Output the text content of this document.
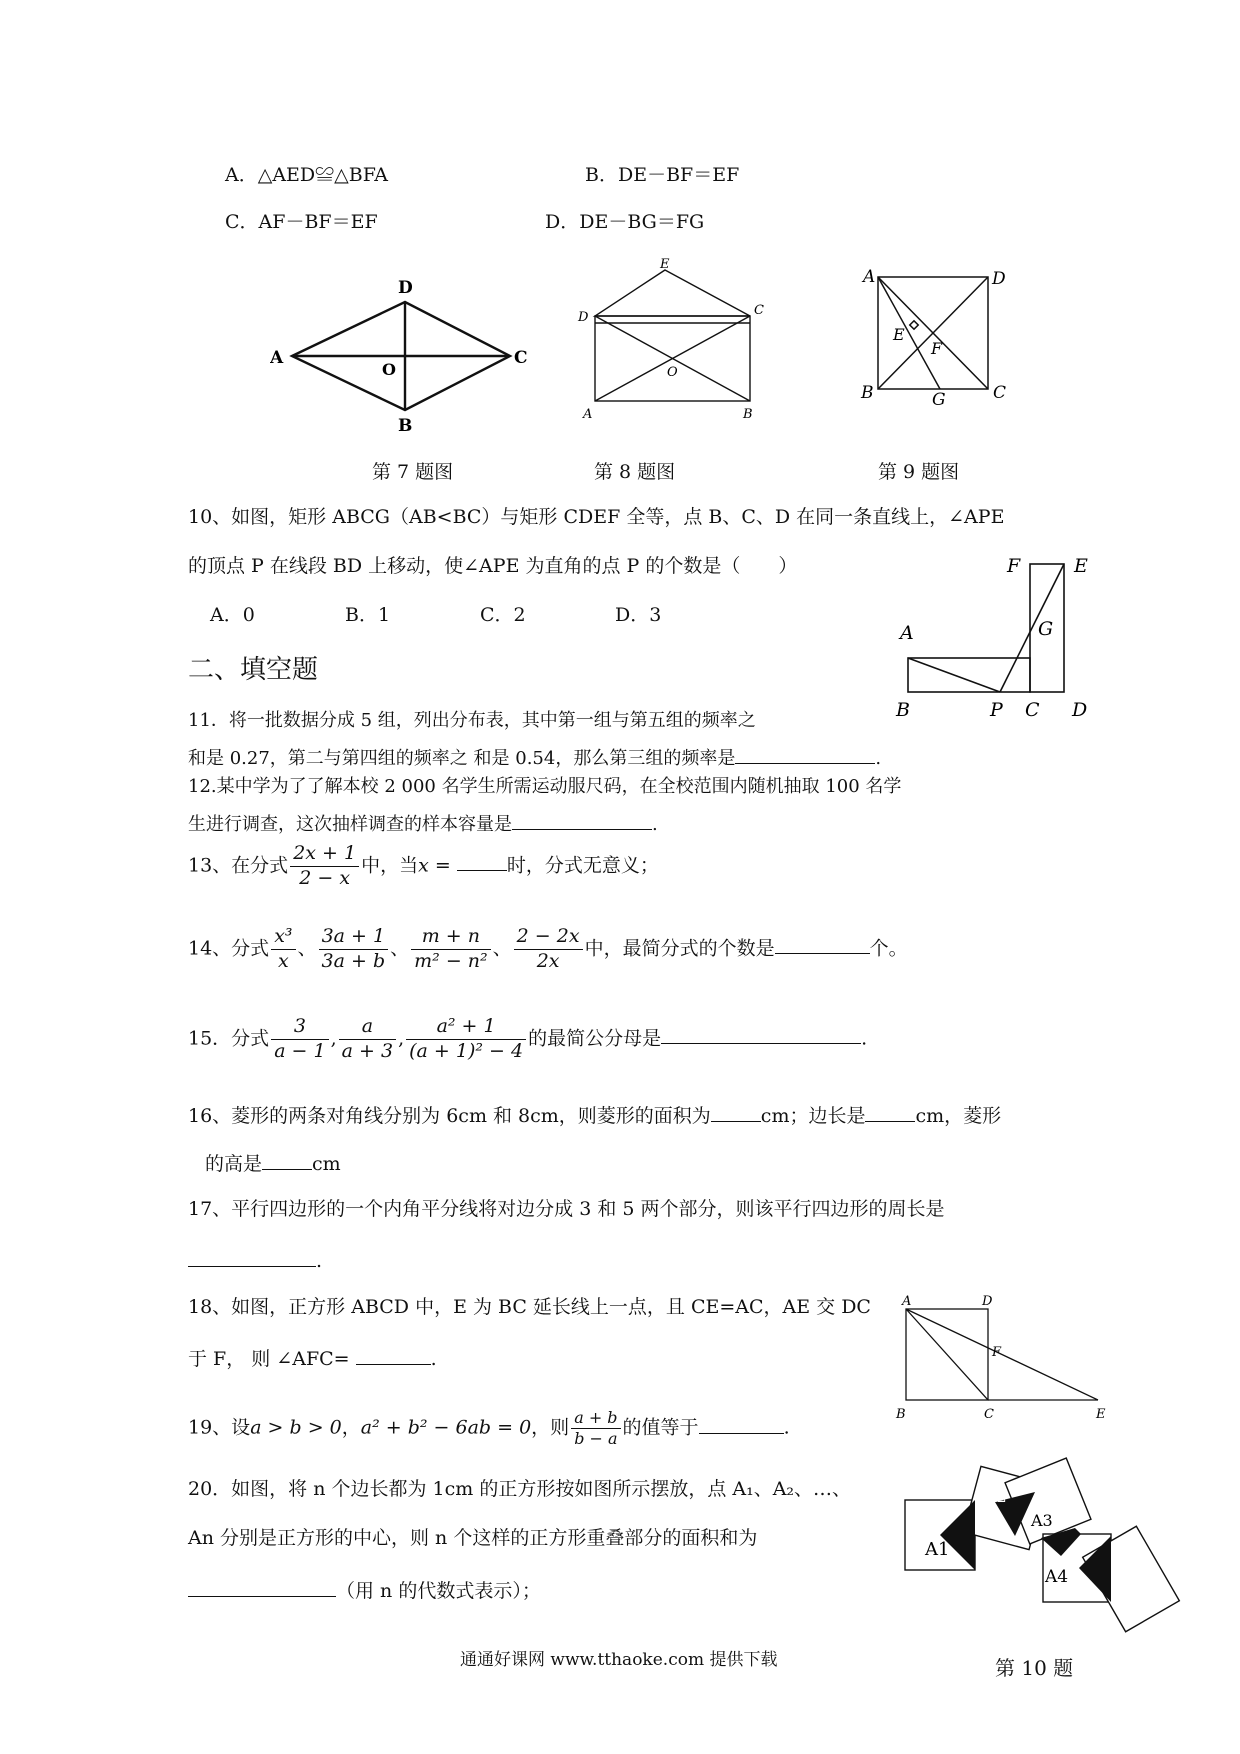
A．△AED≌△BFA	B．DE－BF＝EF
C．AF－BF＝EF	D．DE－BG＝FG
A
D
C
B
O
第 7 题图
E
D	C
O
A	B
第 8 题图
A	D
E
F
B	G	C
第 9 题图
10、如图，矩形 ABCG（AB<BC）与矩形 CDEF 全等，点 B、C、D 在同一条直线上，∠APE
的顶点 P 在线段 BD 上移动，使∠APE 为直角的点 P 的个数是（　　）
A．0	B．1	C．2	D．3
F	E
G
A
B	P C D
二、填空题
11．将一批数据分成 5 组，列出分布表，其中第一组与第五组的频率之
和是 0.27，第二与第四组的频率之 和是 0.54，那么第三组的频率是	.
12.某中学为了了解本校 2 000 名学生所需运动服尺码，在全校范围内随机抽取 100 名学
生进行调查，这次抽样调查的样本容量是	.
13、在分式 $\frac{2x + 1}{2 - x}$ 中，当x =	时，分式无意义；
14、分式 $\frac{\text{x³}}{x}$ 、 $\frac{3a + 1}{3a + b}$ 、 $\frac{m + n}{\text{m² − n²}}$ 、 $\frac{2 - 2x}{2x}$ 中，最简分式的个数是	个。
15．分式 $\frac{3}{a - 1}$ , $\frac{a}{a + 3}$ , $\frac{\text{a² + 1}}{\text{(a + 1)² − 4}}$ 的最简公分母是	.
16、菱形的两条对角线分别为 6cm 和 8cm，则菱形的面积为	cm；边长是	cm，菱形
的高是	cm
17、平行四边形的一个内角平分线将对边分成 3 和 5 两个部分，则该平行四边形的周长是
.
18、如图，正方形 ABCD 中，E 为 BC 延长线上一点，且 CE=AC，AE 交 DC
于 F， 则 ∠AFC=	.
A	D
F
B	C	E
19、设a > b > 0，a² + b² − 6ab = 0，则 $\frac{a + b}{b - a}$ 的值等于	.
20．如图，将 n 个边长都为 1cm 的正方形按如图所示摆放，点 A₁、A₂、…、
An 分别是正方形的中心，则 n 个这样的正方形重叠部分的面积和为
（用 n 的代数式表示）；
A1
A2
A3
A4
第 10 题
通通好课网 www.tthaoke.com 提供下载
